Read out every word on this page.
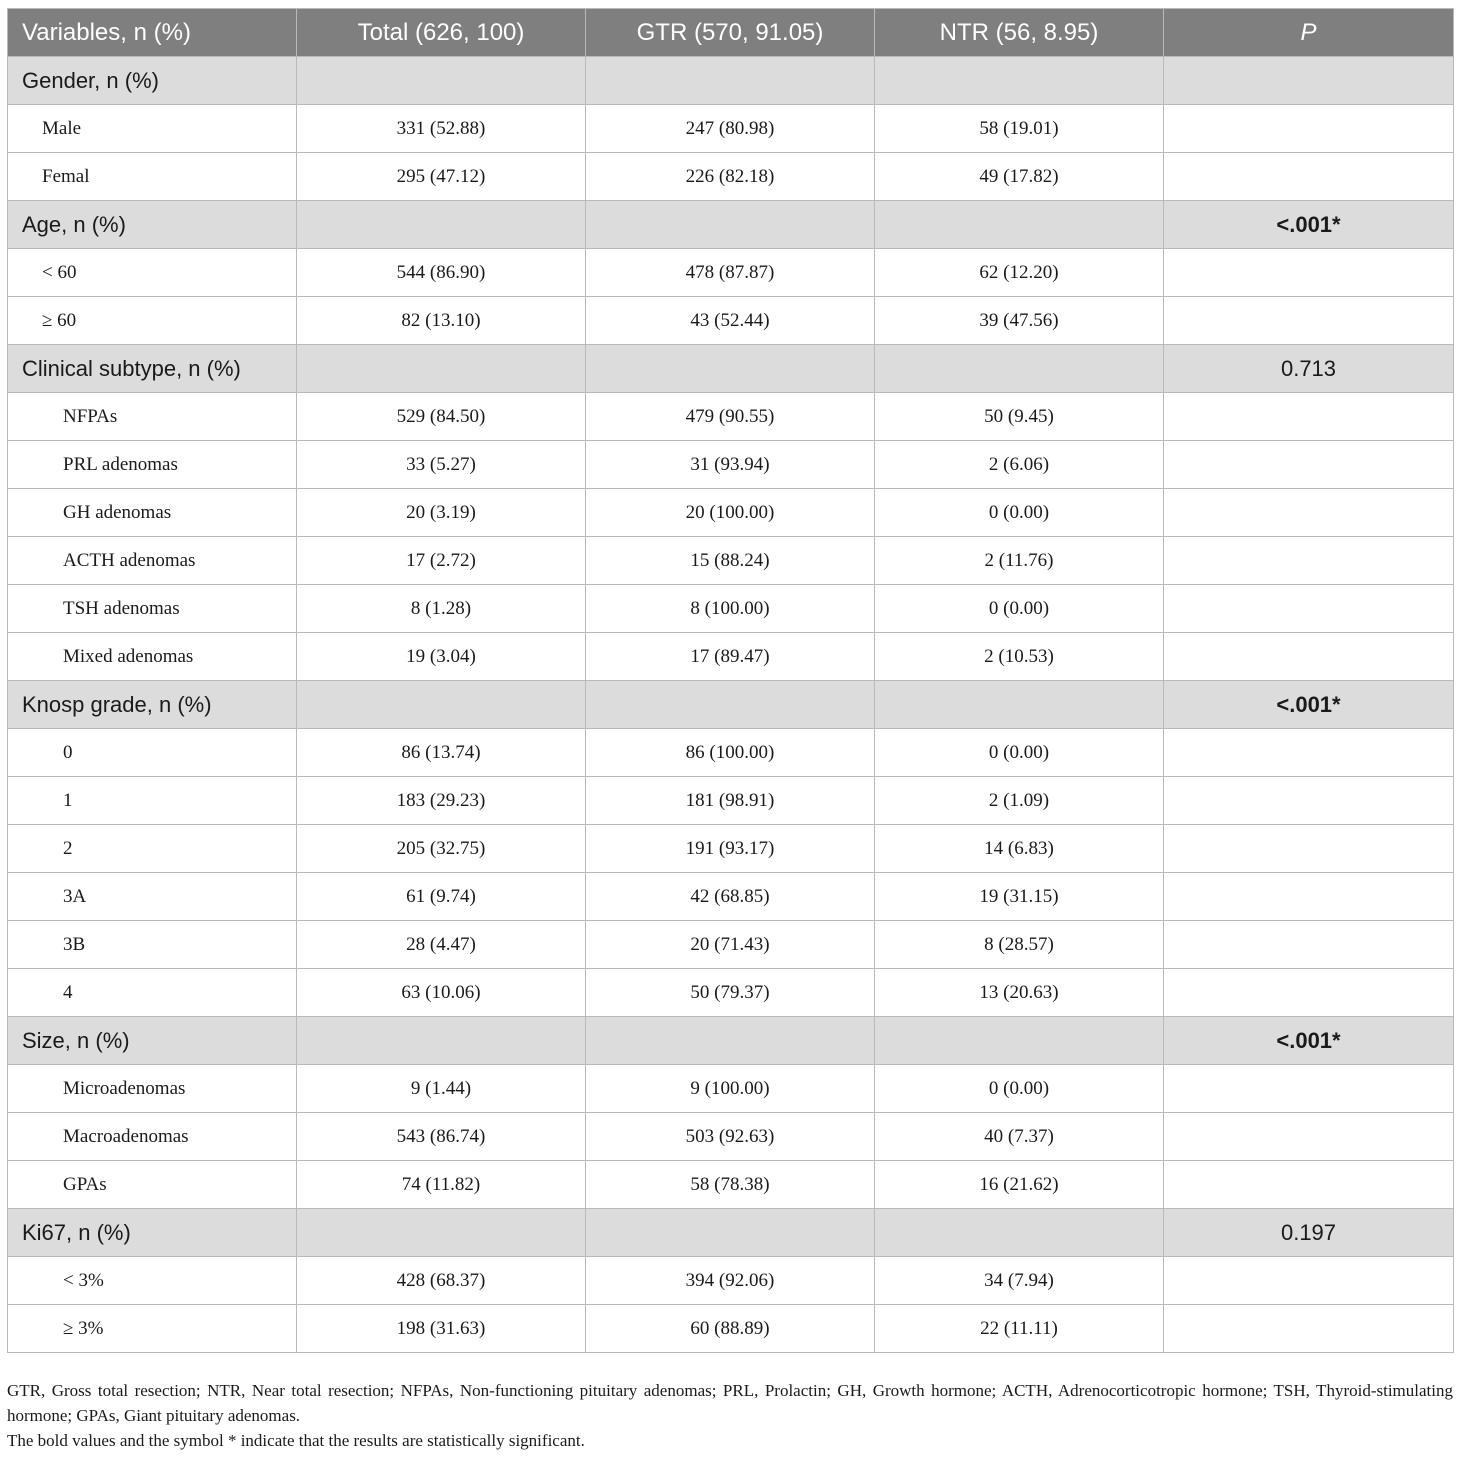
Variables, n (%)	Total (626, 100)	GTR (570, 91.05)	NTR (56, 8.95)	P
Gender, n (%)				
Male	331 (52.88)	247 (80.98)	58 (19.01)	
Femal	295 (47.12)	226 (82.18)	49 (17.82)	
Age, n (%)				<.001*
< 60	544 (86.90)	478 (87.87)	62 (12.20)	
≥ 60	82 (13.10)	43 (52.44)	39 (47.56)	
Clinical subtype, n (%)				0.713
NFPAs	529 (84.50)	479 (90.55)	50 (9.45)	
PRL adenomas	33 (5.27)	31 (93.94)	2 (6.06)	
GH adenomas	20 (3.19)	20 (100.00)	0 (0.00)	
ACTH adenomas	17 (2.72)	15 (88.24)	2 (11.76)	
TSH adenomas	8 (1.28)	8 (100.00)	0 (0.00)	
Mixed adenomas	19 (3.04)	17 (89.47)	2 (10.53)	
Knosp grade, n (%)				<.001*
0	86 (13.74)	86 (100.00)	0 (0.00)	
1	183 (29.23)	181 (98.91)	2 (1.09)	
2	205 (32.75)	191 (93.17)	14 (6.83)	
3A	61 (9.74)	42 (68.85)	19 (31.15)	
3B	28 (4.47)	20 (71.43)	8 (28.57)	
4	63 (10.06)	50 (79.37)	13 (20.63)	
Size, n (%)				<.001*
Microadenomas	9 (1.44)	9 (100.00)	0 (0.00)	
Macroadenomas	543 (86.74)	503 (92.63)	40 (7.37)	
GPAs	74 (11.82)	58 (78.38)	16 (21.62)	
Ki67, n (%)				0.197
< 3%	428 (68.37)	394 (92.06)	34 (7.94)	
≥ 3%	198 (31.63)	60 (88.89)	22 (11.11)	

GTR, Gross total resection; NTR, Near total resection; NFPAs, Non-functioning pituitary adenomas; PRL, Prolactin; GH, Growth hormone; ACTH, Adrenocorticotropic hormone; TSH, Thyroid-stimulating hormone; GPAs, Giant pituitary adenomas.

The bold values and the symbol * indicate that the results are statistically significant.
